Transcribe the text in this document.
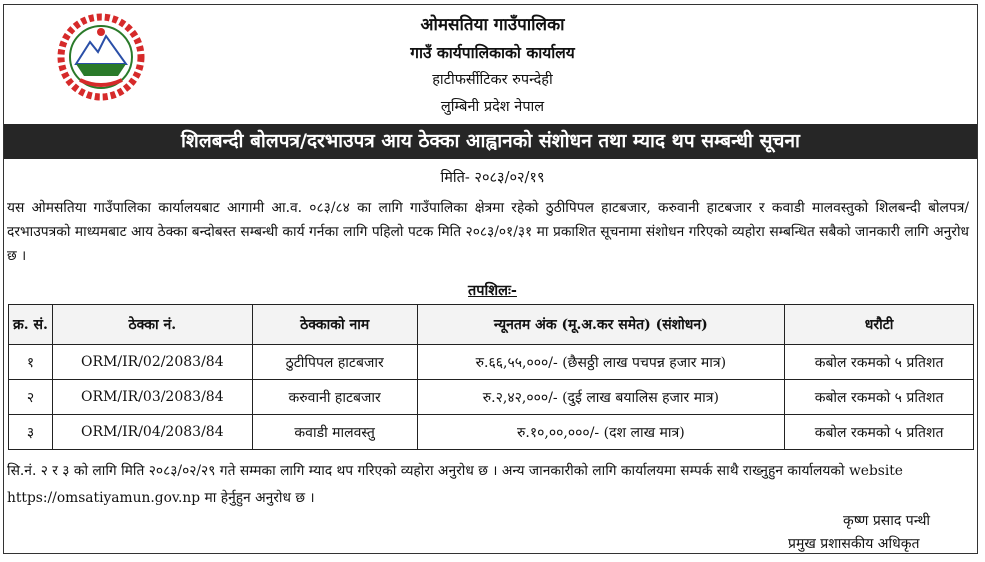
ओमसतिया गाउँपालिका
गाउँ कार्यपालिकाको कार्यालय
हाटीफर्सीटिकर रुपन्देही
लुम्बिनी प्रदेश नेपाल
शिलबन्दी बोलपत्र/दरभाउपत्र आय ठेक्का आह्वानको संशोधन तथा म्याद थप सम्बन्धी सूचना
मिति- २०८३/०२/१९
यस ओमसतिया गाउँपालिका कार्यालयबाट आगामी आ.व. ०८३/८४ का लागि गाउँपालिका क्षेत्रमा रहेको ठुठीपिपल हाटबजार, करुवानी हाटबजार र कवाडी मालवस्तुको शिलबन्दी बोलपत्र/दरभाउपत्रको माध्यमबाट आय ठेक्का बन्दोबस्त सम्बन्धी कार्य गर्नका लागि पहिलो पटक मिति २०८३/०१/३१ मा प्रकाशित सूचनामा संशोधन गरिएको व्यहोरा सम्बन्धित सबैको जानकारी लागि अनुरोध छ ।
तपशिलः-
क्र. सं.	ठेक्का नं.	ठेक्काको नाम	न्यूनतम अंक (मू.अ.कर समेत) (संशोधन)	धरौटी
१	ORM/IR/02/2083/84	ठुटीपिपल हाटबजार	रु.६६,५५,०००/- (छैसठ्ठी लाख पचपन्न हजार मात्र)	कबोल रकमको ५ प्रतिशत
२	ORM/IR/03/2083/84	करुवानी हाटबजार	रु.२,४२,०००/- (दुई लाख बयालिस हजार मात्र)	कबोल रकमको ५ प्रतिशत
३	ORM/IR/04/2083/84	कवाडी मालवस्तु	रु.१०,००,०००/- (दश लाख मात्र)	कबोल रकमको ५ प्रतिशत
सि.नं. २ र ३ को लागि मिति २०८३/०२/२९ गते सम्मका लागि म्याद थप गरिएको व्यहोरा अनुरोध छ । अन्य जानकारीको लागि कार्यालयमा सम्पर्क साथै राख्नुहुन कार्यालयको website https://omsatiyamun.gov.np मा हेर्नुहुन अनुरोध छ ।
कृष्ण प्रसाद पन्थी
प्रमुख प्रशासकीय अधिकृत
